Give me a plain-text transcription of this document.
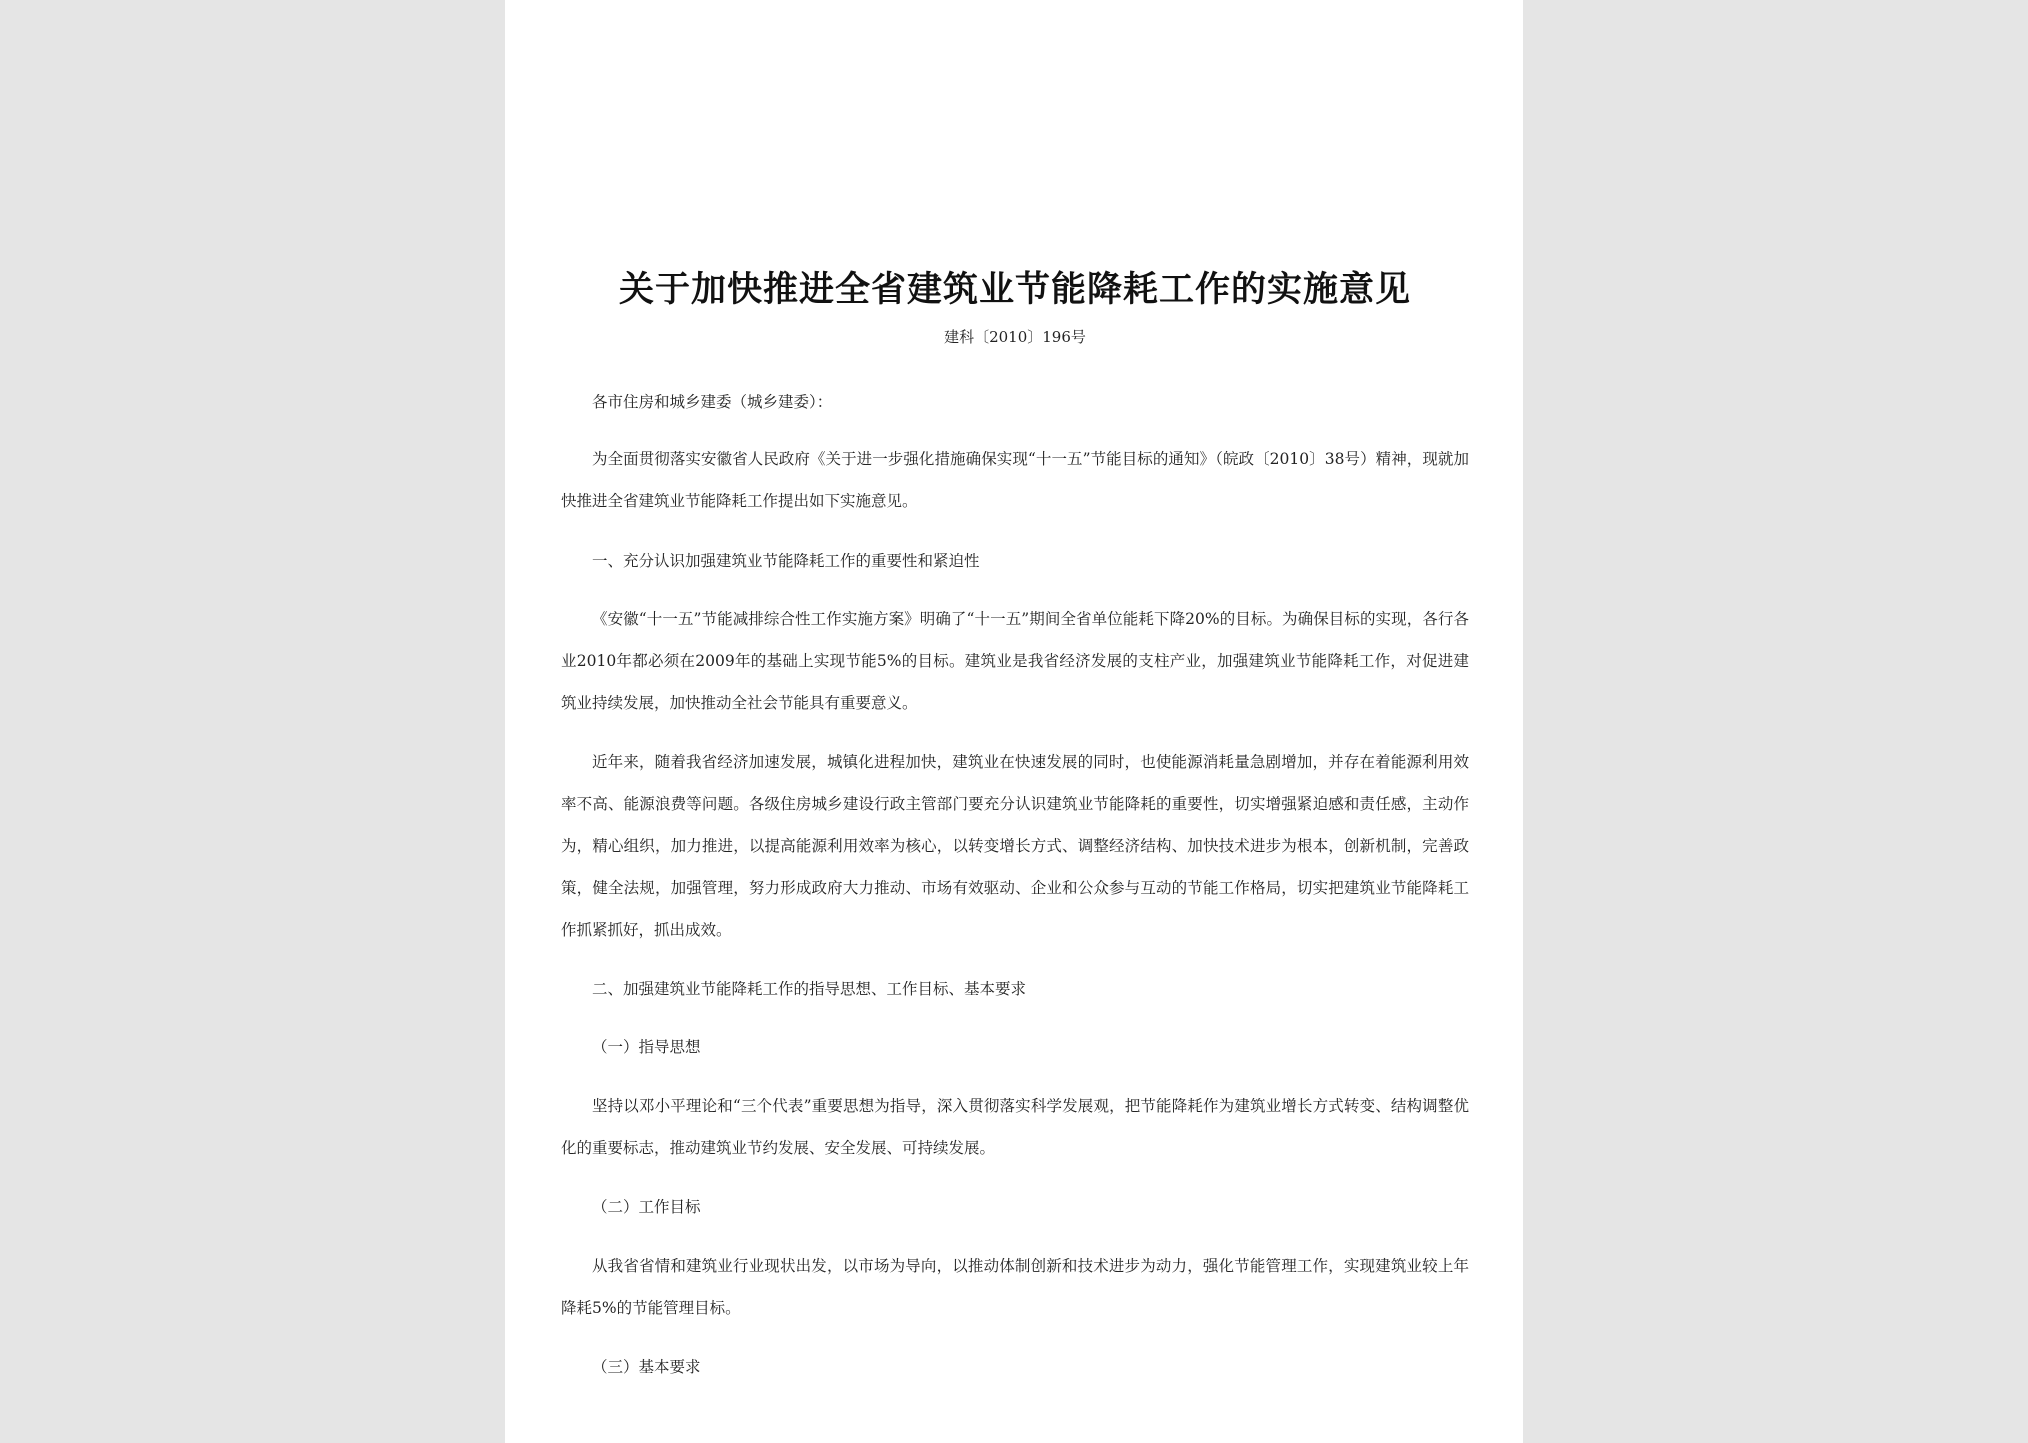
关于加快推进全省建筑业节能降耗工作的实施意见
建科〔2010〕196号
各市住房和城乡建委（城乡建委）：
为全面贯彻落实安徽省人民政府《关于进一步强化措施确保实现“十一五”节能目标的通知》（皖政〔2010〕38号）精神，现就加快推进全省建筑业节能降耗工作提出如下实施意见。
一、充分认识加强建筑业节能降耗工作的重要性和紧迫性
《安徽“十一五”节能减排综合性工作实施方案》明确了“十一五”期间全省单位能耗下降20%的目标。为确保目标的实现，各行各业2010年都必须在2009年的基础上实现节能5%的目标。建筑业是我省经济发展的支柱产业，加强建筑业节能降耗工作，对促进建筑业持续发展，加快推动全社会节能具有重要意义。
近年来，随着我省经济加速发展，城镇化进程加快，建筑业在快速发展的同时，也使能源消耗量急剧增加，并存在着能源利用效率不高、能源浪费等问题。各级住房城乡建设行政主管部门要充分认识建筑业节能降耗的重要性，切实增强紧迫感和责任感，主动作为，精心组织，加力推进，以提高能源利用效率为核心，以转变增长方式、调整经济结构、加快技术进步为根本，创新机制，完善政策，健全法规，加强管理，努力形成政府大力推动、市场有效驱动、企业和公众参与互动的节能工作格局，切实把建筑业节能降耗工作抓紧抓好，抓出成效。
二、加强建筑业节能降耗工作的指导思想、工作目标、基本要求
（一）指导思想
坚持以邓小平理论和“三个代表”重要思想为指导，深入贯彻落实科学发展观，把节能降耗作为建筑业增长方式转变、结构调整优化的重要标志，推动建筑业节约发展、安全发展、可持续发展。
（二）工作目标
从我省省情和建筑业行业现状出发，以市场为导向，以推动体制创新和技术进步为动力，强化节能管理工作，实现建筑业较上年降耗5%的节能管理目标。
（三）基本要求
